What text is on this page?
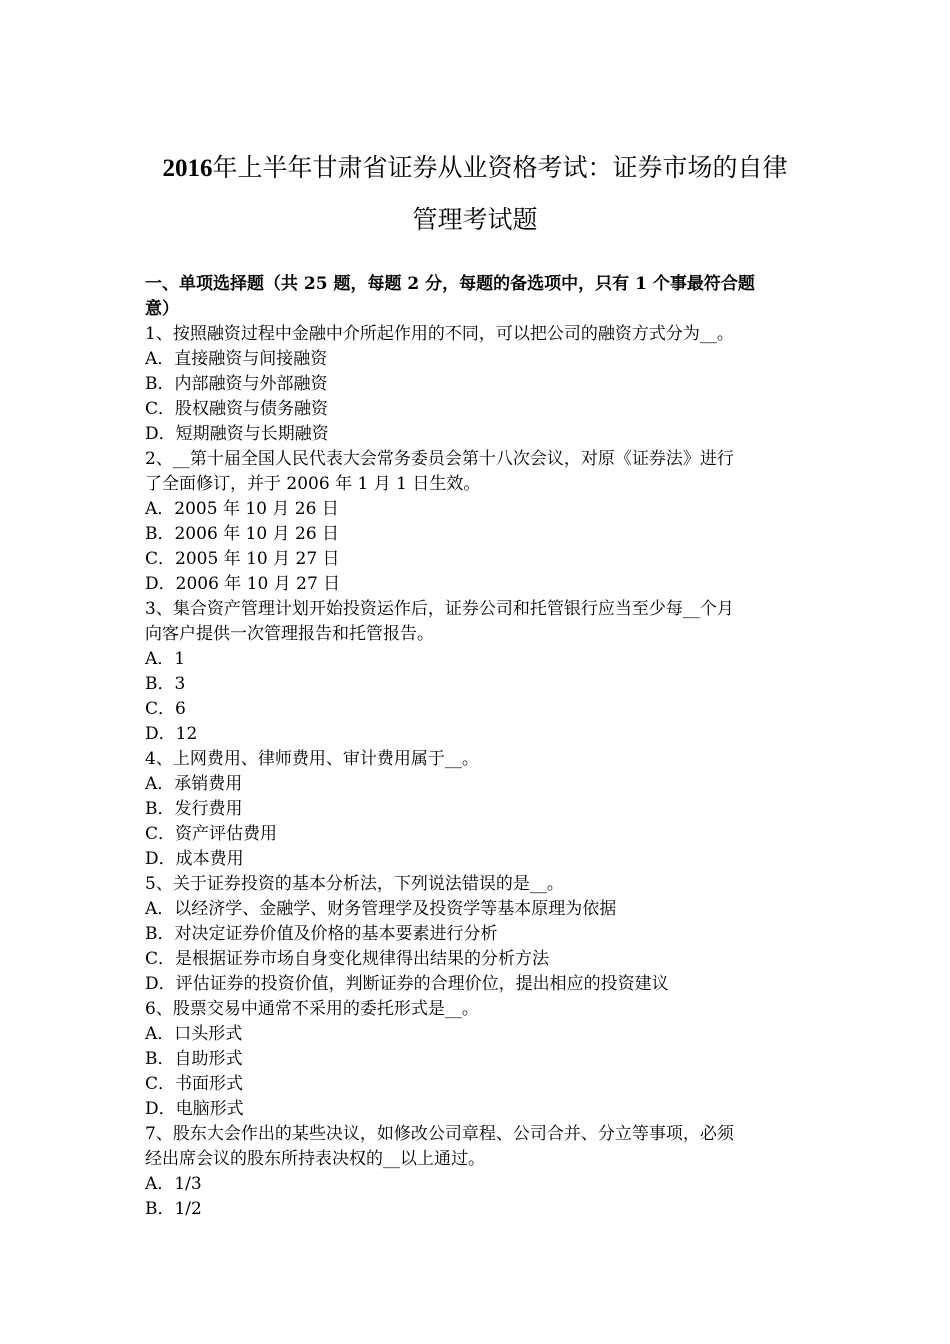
2016年上半年甘肃省证券从业资格考试：证券市场的自律
管理考试题

一、单项选择题（共 25 题，每题 2 分，每题的备选项中，只有 1 个事最符合题

意）

1、按照融资过程中金融中介所起作用的不同，可以把公司的融资方式分为__。

A．直接融资与间接融资

B．内部融资与外部融资

C．股权融资与债务融资

D．短期融资与长期融资

2、__第十届全国人民代表大会常务委员会第十八次会议，对原《证券法》进行

了全面修订，并于 2006 年 1 月 1 日生效。

A．2005 年 10 月 26 日

B．2006 年 10 月 26 日

C．2005 年 10 月 27 日

D．2006 年 10 月 27 日

3、集合资产管理计划开始投资运作后，证券公司和托管银行应当至少每__个月

向客户提供一次管理报告和托管报告。

A．1

B．3

C．6

D．12

4、上网费用、律师费用、审计费用属于__。

A．承销费用

B．发行费用

C．资产评估费用

D．成本费用

5、关于证券投资的基本分析法，下列说法错误的是__。

A．以经济学、金融学、财务管理学及投资学等基本原理为依据

B．对决定证券价值及价格的基本要素进行分析

C．是根据证券市场自身变化规律得出结果的分析方法

D．评估证券的投资价值，判断证券的合理价位，提出相应的投资建议

6、股票交易中通常不采用的委托形式是__。

A．口头形式

B．自助形式

C．书面形式

D．电脑形式

7、股东大会作出的某些决议，如修改公司章程、公司合并、分立等事项，必须

经出席会议的股东所持表决权的__以上通过。

A．1/3

B．1/2
